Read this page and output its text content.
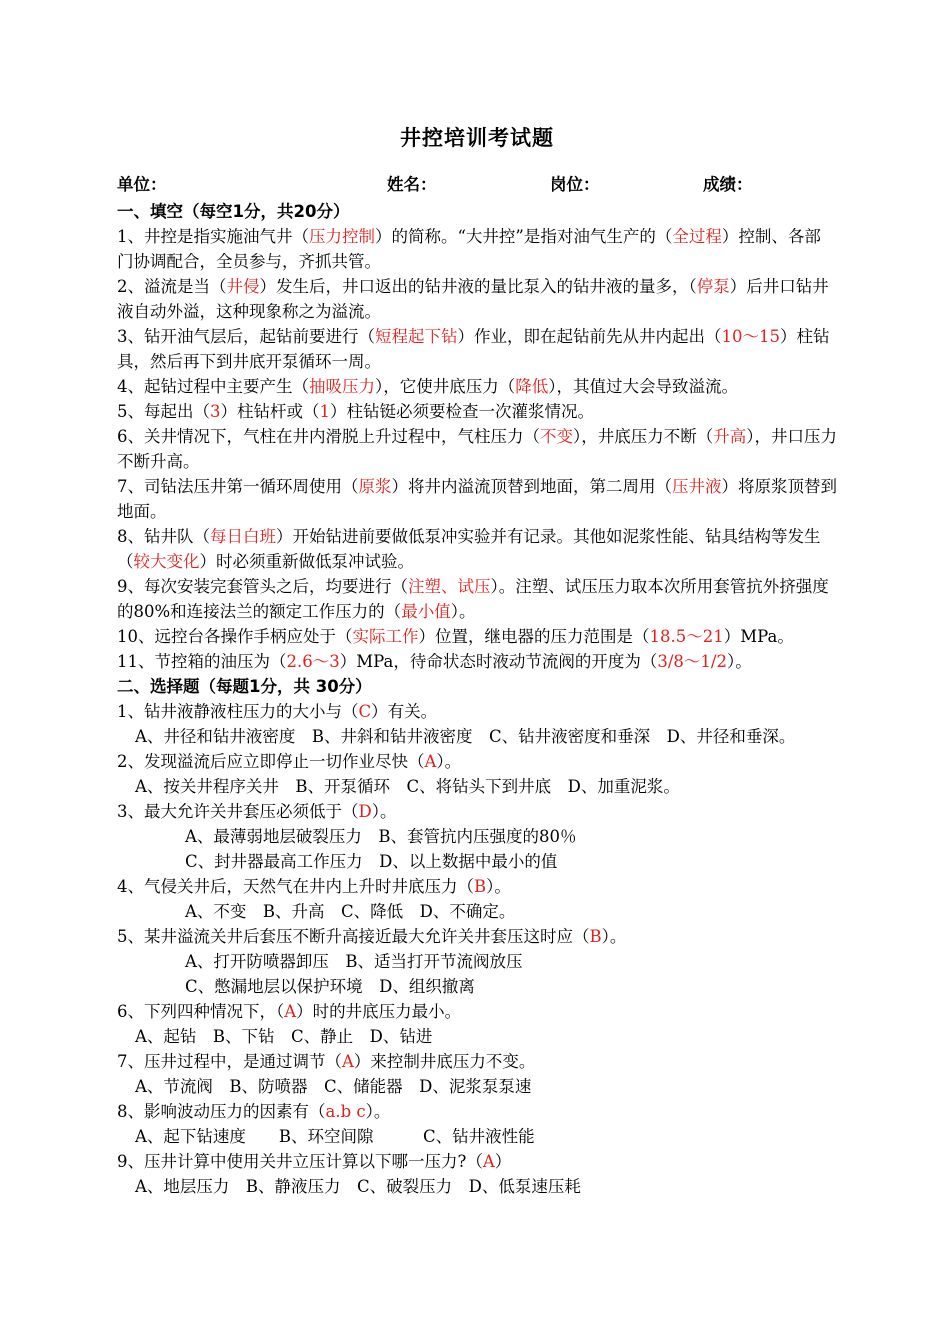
井控培训考试题
单位：	姓名：	岗位：	成绩：
一、填空（每空1分，共20分）

1、井控是指实施油气井（压力控制）的简称。“大井控”是指对油气生产的（全过程）控制、各部门协调配合，全员参与，齐抓共管。

2、溢流是当（井侵）发生后，井口返出的钻井液的量比泵入的钻井液的量多，（停泵）后井口钻井液自动外溢，这种现象称之为溢流。

3、钻开油气层后，起钻前要进行（短程起下钻）作业，即在起钻前先从井内起出（10～15）柱钻具，然后再下到井底开泵循环一周。

4、起钻过程中主要产生（抽吸压力），它使井底压力（降低），其值过大会导致溢流。

5、每起出（3）柱钻杆或（1）柱钻铤必须要检查一次灌浆情况。

6、关井情况下，气柱在井内滑脱上升过程中，气柱压力（不变），井底压力不断（升高），井口压力不断升高。

7、司钻法压井第一循环周使用（原浆）将井内溢流顶替到地面，第二周用（压井液）将原浆顶替到地面。

8、钻井队（每日白班）开始钻进前要做低泵冲实验并有记录。其他如泥浆性能、钻具结构等发生（较大变化）时必须重新做低泵冲试验。

9、每次安装完套管头之后，均要进行（注塑、试压）。注塑、试压压力取本次所用套管抗外挤强度的80%和连接法兰的额定工作压力的（最小值）。

10、远控台各操作手柄应处于（实际工作）位置，继电器的压力范围是（18.5～21）MPa。

11、节控箱的油压为（2.6～3）MPa，待命状态时液动节流阀的开度为（3/8～1/2）。

二、选择题（每题1分，共 30分）

1、钻井液静液柱压力的大小与（C）有关。

A、井径和钻井液密度　B、井斜和钻井液密度　C、钻井液密度和垂深　D、井径和垂深。

2、发现溢流后应立即停止一切作业尽快（A）。

A、按关井程序关井　B、开泵循环　C、将钻头下到井底　D、加重泥浆。

3、最大允许关井套压必须低于（D）。

A、最薄弱地层破裂压力　B、套管抗内压强度的80％

C、封井器最高工作压力　D、以上数据中最小的值

4、气侵关井后，天然气在井内上升时井底压力（B）。

A、不变　B、升高　C、降低　D、不确定。

5、某井溢流关井后套压不断升高接近最大允许关井套压这时应（B）。

A、打开防喷器卸压　B、适当打开节流阀放压

C、憋漏地层以保护环境　D、组织撤离

6、下列四种情况下，（A）时的井底压力最小。

A、起钻　B、下钻　C、静止　D、钻进

7、压井过程中，是通过调节（A）来控制井底压力不变。

A、节流阀　B、防喷器　C、储能器　D、泥浆泵泵速

8、影响波动压力的因素有（a.b c）。

A、起下钻速度　　B、环空间隙　　　C、钻井液性能

9、压井计算中使用关井立压计算以下哪一压力?（A）

A、地层压力　B、静液压力　C、破裂压力　D、低泵速压耗
